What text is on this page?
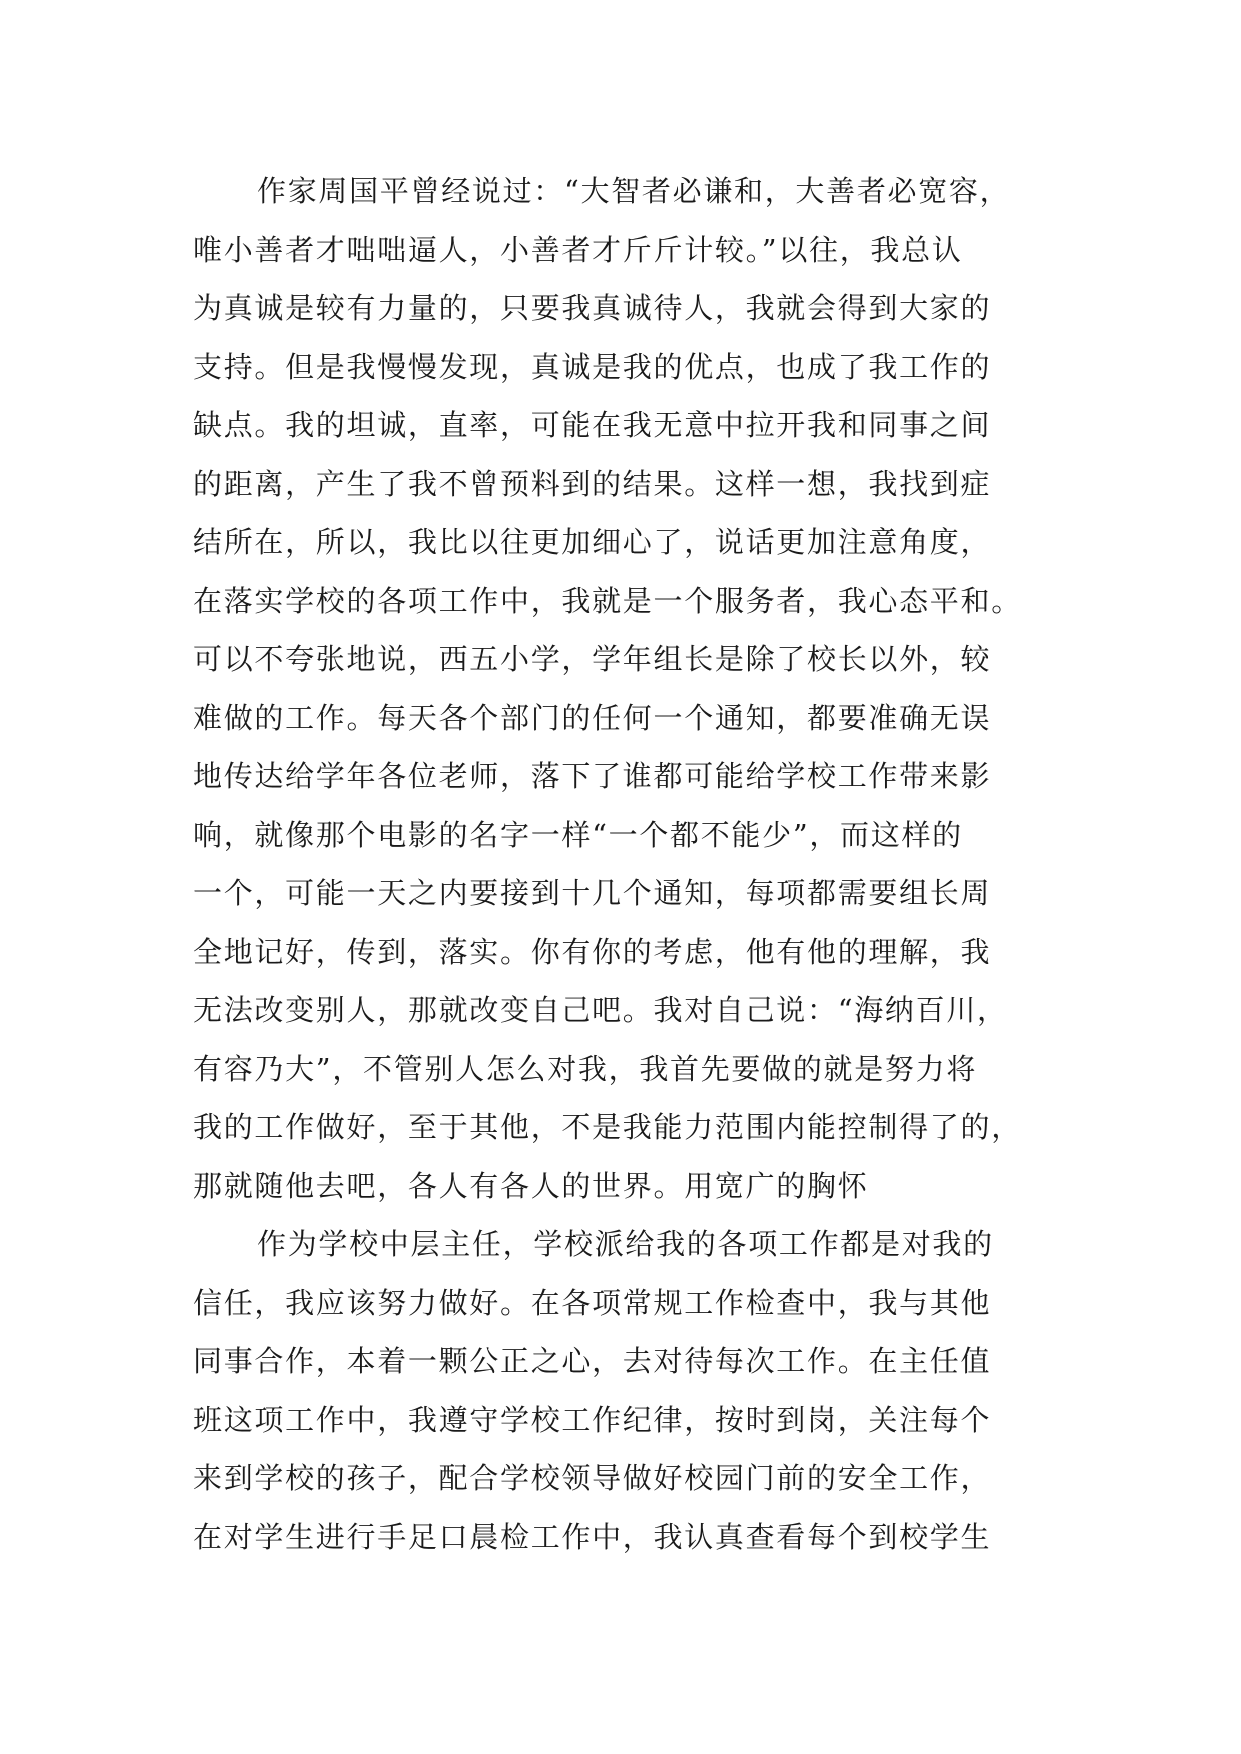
作家周国平曾经说过：“大智者必谦和，大善者必宽容，
唯小善者才咄咄逼人，小善者才斤斤计较。”以往，我总认
为真诚是较有力量的，只要我真诚待人，我就会得到大家的
支持。但是我慢慢发现，真诚是我的优点，也成了我工作的
缺点。我的坦诚，直率，可能在我无意中拉开我和同事之间
的距离，产生了我不曾预料到的结果。这样一想，我找到症
结所在，所以，我比以往更加细心了，说话更加注意角度，
在落实学校的各项工作中，我就是一个服务者，我心态平和。
可以不夸张地说，西五小学，学年组长是除了校长以外，较
难做的工作。每天各个部门的任何一个通知，都要准确无误
地传达给学年各位老师，落下了谁都可能给学校工作带来影
响，就像那个电影的名字一样“一个都不能少”，而这样的
一个，可能一天之内要接到十几个通知，每项都需要组长周
全地记好，传到，落实。你有你的考虑，他有他的理解，我
无法改变别人，那就改变自己吧。我对自己说：“海纳百川，
有容乃大”，不管别人怎么对我，我首先要做的就是努力将
我的工作做好，至于其他，不是我能力范围内能控制得了的，
那就随他去吧，各人有各人的世界。用宽广的胸怀
作为学校中层主任，学校派给我的各项工作都是对我的
信任，我应该努力做好。在各项常规工作检查中，我与其他
同事合作，本着一颗公正之心，去对待每次工作。在主任值
班这项工作中，我遵守学校工作纪律，按时到岗，关注每个
来到学校的孩子，配合学校领导做好校园门前的安全工作，
在对学生进行手足口晨检工作中，我认真查看每个到校学生
